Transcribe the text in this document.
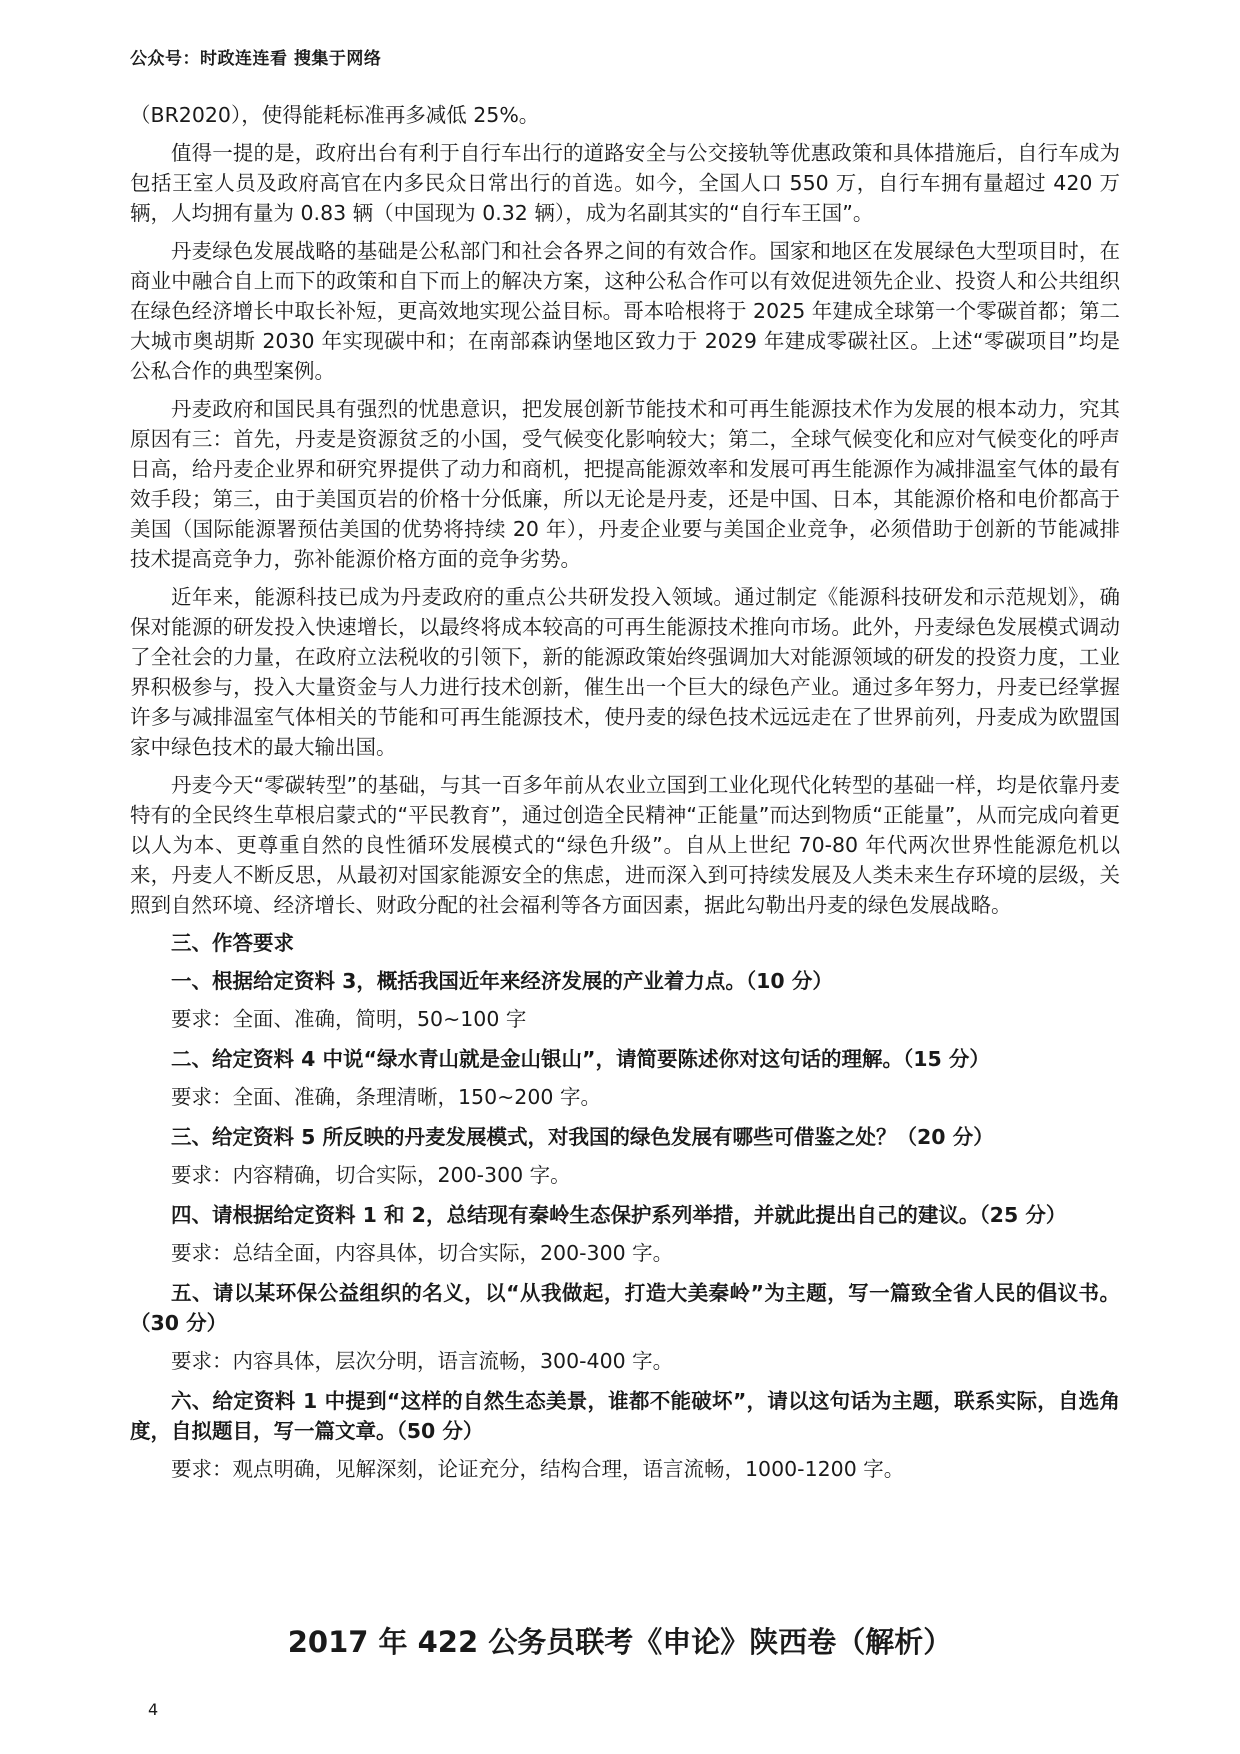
公众号：时政连连看 搜集于网络

（BR2020），使得能耗标准再多减低 25%。

值得一提的是，政府出台有利于自行车出行的道路安全与公交接轨等优惠政策和具体措施后，自行车成为包括王室人员及政府高官在内多民众日常出行的首选。如今，全国人口 550 万，自行车拥有量超过 420 万辆，人均拥有量为 0.83 辆（中国现为 0.32 辆），成为名副其实的“自行车王国”。

丹麦绿色发展战略的基础是公私部门和社会各界之间的有效合作。国家和地区在发展绿色大型项目时，在商业中融合自上而下的政策和自下而上的解决方案，这种公私合作可以有效促进领先企业、投资人和公共组织在绿色经济增长中取长补短，更高效地实现公益目标。哥本哈根将于 2025 年建成全球第一个零碳首都；第二大城市奥胡斯 2030 年实现碳中和；在南部森讷堡地区致力于 2029 年建成零碳社区。上述“零碳项目”均是公私合作的典型案例。

丹麦政府和国民具有强烈的忧患意识，把发展创新节能技术和可再生能源技术作为发展的根本动力，究其原因有三：首先，丹麦是资源贫乏的小国，受气候变化影响较大；第二，全球气候变化和应对气候变化的呼声日高，给丹麦企业界和研究界提供了动力和商机，把提高能源效率和发展可再生能源作为减排温室气体的最有效手段；第三，由于美国页岩的价格十分低廉，所以无论是丹麦，还是中国、日本，其能源价格和电价都高于美国（国际能源署预估美国的优势将持续 20 年），丹麦企业要与美国企业竞争，必须借助于创新的节能减排技术提高竞争力，弥补能源价格方面的竞争劣势。

近年来，能源科技已成为丹麦政府的重点公共研发投入领域。通过制定《能源科技研发和示范规划》，确保对能源的研发投入快速增长，以最终将成本较高的可再生能源技术推向市场。此外，丹麦绿色发展模式调动了全社会的力量，在政府立法税收的引领下，新的能源政策始终强调加大对能源领域的研发的投资力度，工业界积极参与，投入大量资金与人力进行技术创新，催生出一个巨大的绿色产业。通过多年努力，丹麦已经掌握许多与减排温室气体相关的节能和可再生能源技术，使丹麦的绿色技术远远走在了世界前列，丹麦成为欧盟国家中绿色技术的最大输出国。

丹麦今天“零碳转型”的基础，与其一百多年前从农业立国到工业化现代化转型的基础一样，均是依靠丹麦特有的全民终生草根启蒙式的“平民教育”，通过创造全民精神“正能量”而达到物质“正能量”，从而完成向着更以人为本、更尊重自然的良性循环发展模式的“绿色升级”。自从上世纪 70-80 年代两次世界性能源危机以来，丹麦人不断反思，从最初对国家能源安全的焦虑，进而深入到可持续发展及人类未来生存环境的层级，关照到自然环境、经济增长、财政分配的社会福利等各方面因素，据此勾勒出丹麦的绿色发展战略。

三、作答要求

一、根据给定资料 3，概括我国近年来经济发展的产业着力点。（10 分）

要求：全面、准确，简明，50~100 字

二、给定资料 4 中说“绿水青山就是金山银山”，请简要陈述你对这句话的理解。（15 分）

要求：全面、准确，条理清晰，150~200 字。

三、给定资料 5 所反映的丹麦发展模式，对我国的绿色发展有哪些可借鉴之处？（20 分）

要求：内容精确，切合实际，200-300 字。

四、请根据给定资料 1 和 2，总结现有秦岭生态保护系列举措，并就此提出自己的建议。（25 分）

要求：总结全面，内容具体，切合实际，200-300 字。

五、请以某环保公益组织的名义，以“从我做起，打造大美秦岭”为主题，写一篇致全省人民的倡议书。（30 分）

要求：内容具体，层次分明，语言流畅，300-400 字。

六、给定资料 1 中提到“这样的自然生态美景，谁都不能破坏”，请以这句话为主题，联系实际，自选角度，自拟题目，写一篇文章。（50 分）

要求：观点明确，见解深刻，论证充分，结构合理，语言流畅，1000-1200 字。

2017 年 422 公务员联考《申论》陕西卷（解析）
4
